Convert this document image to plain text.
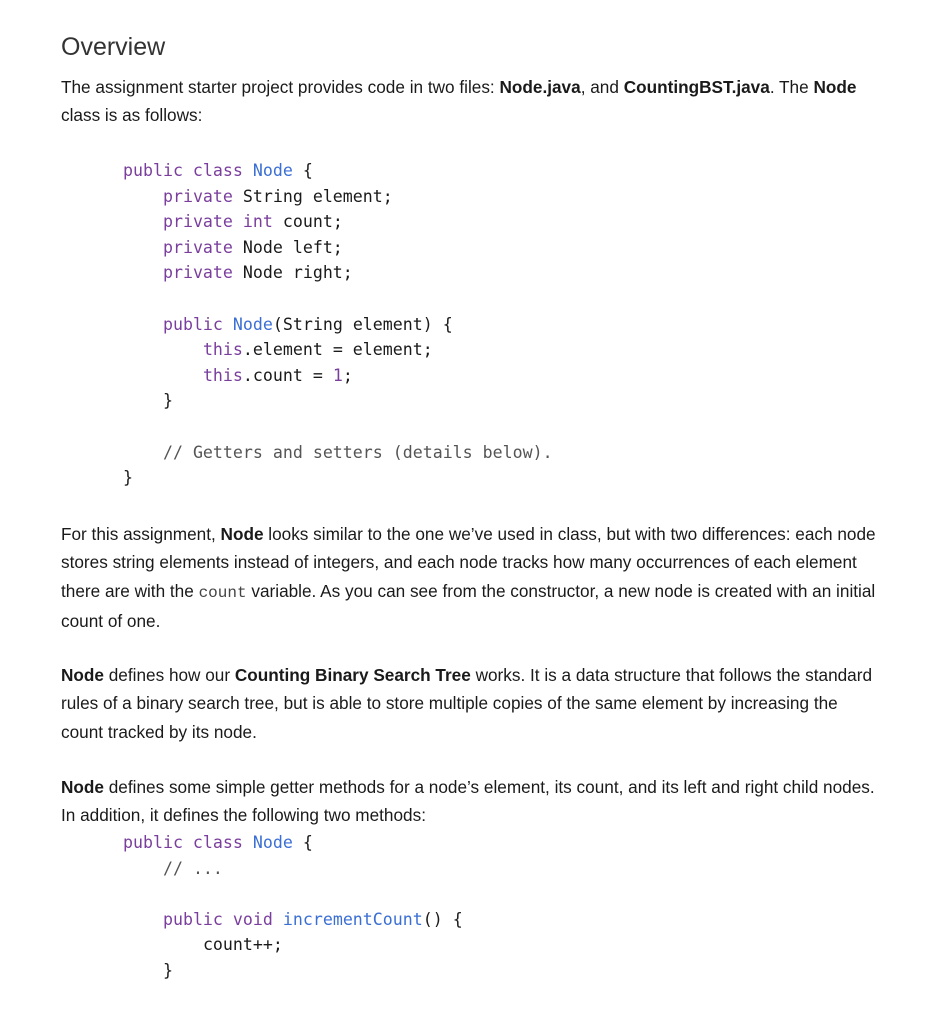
Overview

The assignment starter project provides code in two files: Node.java, and CountingBST.java. The Node class is as follows:

public class Node {
private String element;
private int count;
private Node left;
private Node right;
public Node(String element) {
this.element = element;
this.count = 1;
}
// Getters and setters (details below).
}

For this assignment, Node looks similar to the one we’ve used in class, but with two differences: each node stores string elements instead of integers, and each node tracks how many occurrences of each element there are with the count variable. As you can see from the constructor, a new node is created with an initial count of one.

Node defines how our Counting Binary Search Tree works. It is a data structure that follows the standard rules of a binary search tree, but is able to store multiple copies of the same element by increasing the count tracked by its node.

Node defines some simple getter methods for a node’s element, its count, and its left and right child nodes. In addition, it defines the following two methods:

public class Node {
// ...
public void incrementCount() {
count++;
}
